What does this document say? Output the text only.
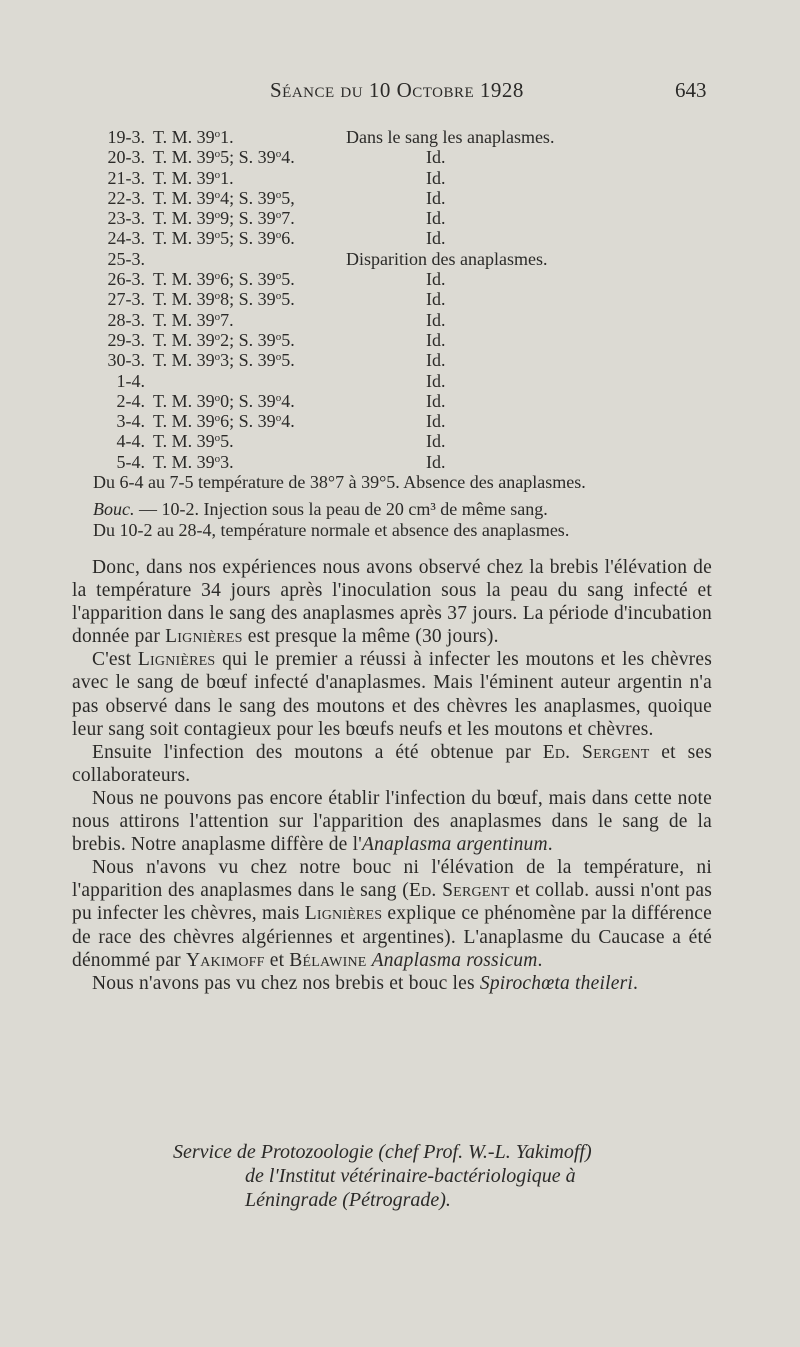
Séance du 10 Octobre 1928	643
19-3. T. M. 39$^o$1.	Dans le sang les anaplasmes.
20-3. T. M. 39$^o$5; S. 39$^o$4.	Id.
21-3. T. M. 39$^o$1.	Id.
22-3. T. M. 39$^o$4; S. 39$^o$5,	Id.
23-3. T. M. 39$^o$9; S. 39$^o$7.	Id.
24-3. T. M. 39$^o$5; S. 39$^o$6.	Id.
25-3.	Disparition des anaplasmes.
26-3. T. M. 39$^o$6; S. 39$^o$5.	Id.
27-3. T. M. 39$^o$8; S. 39$^o$5.	Id.
28-3. T. M. 39$^o$7.	Id.
29-3. T. M. 39$^o$2; S. 39$^o$5.	Id.
30-3. T. M. 39$^o$3; S. 39$^o$5.	Id.
1-4.	Id.
2-4. T. M. 39$^o$0; S. 39$^o$4.	Id.
3-4. T. M. 39$^o$6; S. 39$^o$4.	Id.
4-4. T. M. 39$^o$5.	Id.
5-4. T. M. 39$^o$3.	Id.

Du 6-4 au 7-5 température de 38°7 à 39°5. Absence des anaplasmes.

Bouc. — 10-2. Injection sous la peau de 20 cm³ de même sang.

Du 10-2 au 28-4, température normale et absence des anaplasmes.

Donc, dans nos expériences nous avons observé chez la brebis l'élévation de la température 34 jours après l'inoculation sous la peau du sang infecté et l'apparition dans le sang des anaplasmes après 37 jours. La période d'incubation donnée par Lignières est presque la même (30 jours).

C'est Lignières qui le premier a réussi à infecter les moutons et les chèvres avec le sang de bœuf infecté d'anaplasmes. Mais l'éminent auteur argentin n'a pas observé dans le sang des moutons et des chèvres les anaplasmes, quoique leur sang soit contagieux pour les bœufs neufs et les moutons et chèvres.

Ensuite l'infection des moutons a été obtenue par Ed. Sergent et ses collaborateurs.

Nous ne pouvons pas encore établir l'infection du bœuf, mais dans cette note nous attirons l'attention sur l'apparition des anaplasmes dans le sang de la brebis. Notre anaplasme diffère de l'Anaplasma argentinum.

Nous n'avons vu chez notre bouc ni l'élévation de la température, ni l'apparition des anaplasmes dans le sang (Ed. Sergent et collab. aussi n'ont pas pu infecter les chèvres, mais Lignières explique ce phénomène par la différence de race des chèvres algériennes et argentines). L'anaplasme du Caucase a été dénommé par Yakimoff et Bélawine Anaplasma rossicum.

Nous n'avons pas vu chez nos brebis et bouc les Spirochœta theileri.

Service de Protozoologie (chef Prof. W.-L. Yakimoff)

de l'Institut vétérinaire-bactériologique à

Léningrade (Pétrograde).
